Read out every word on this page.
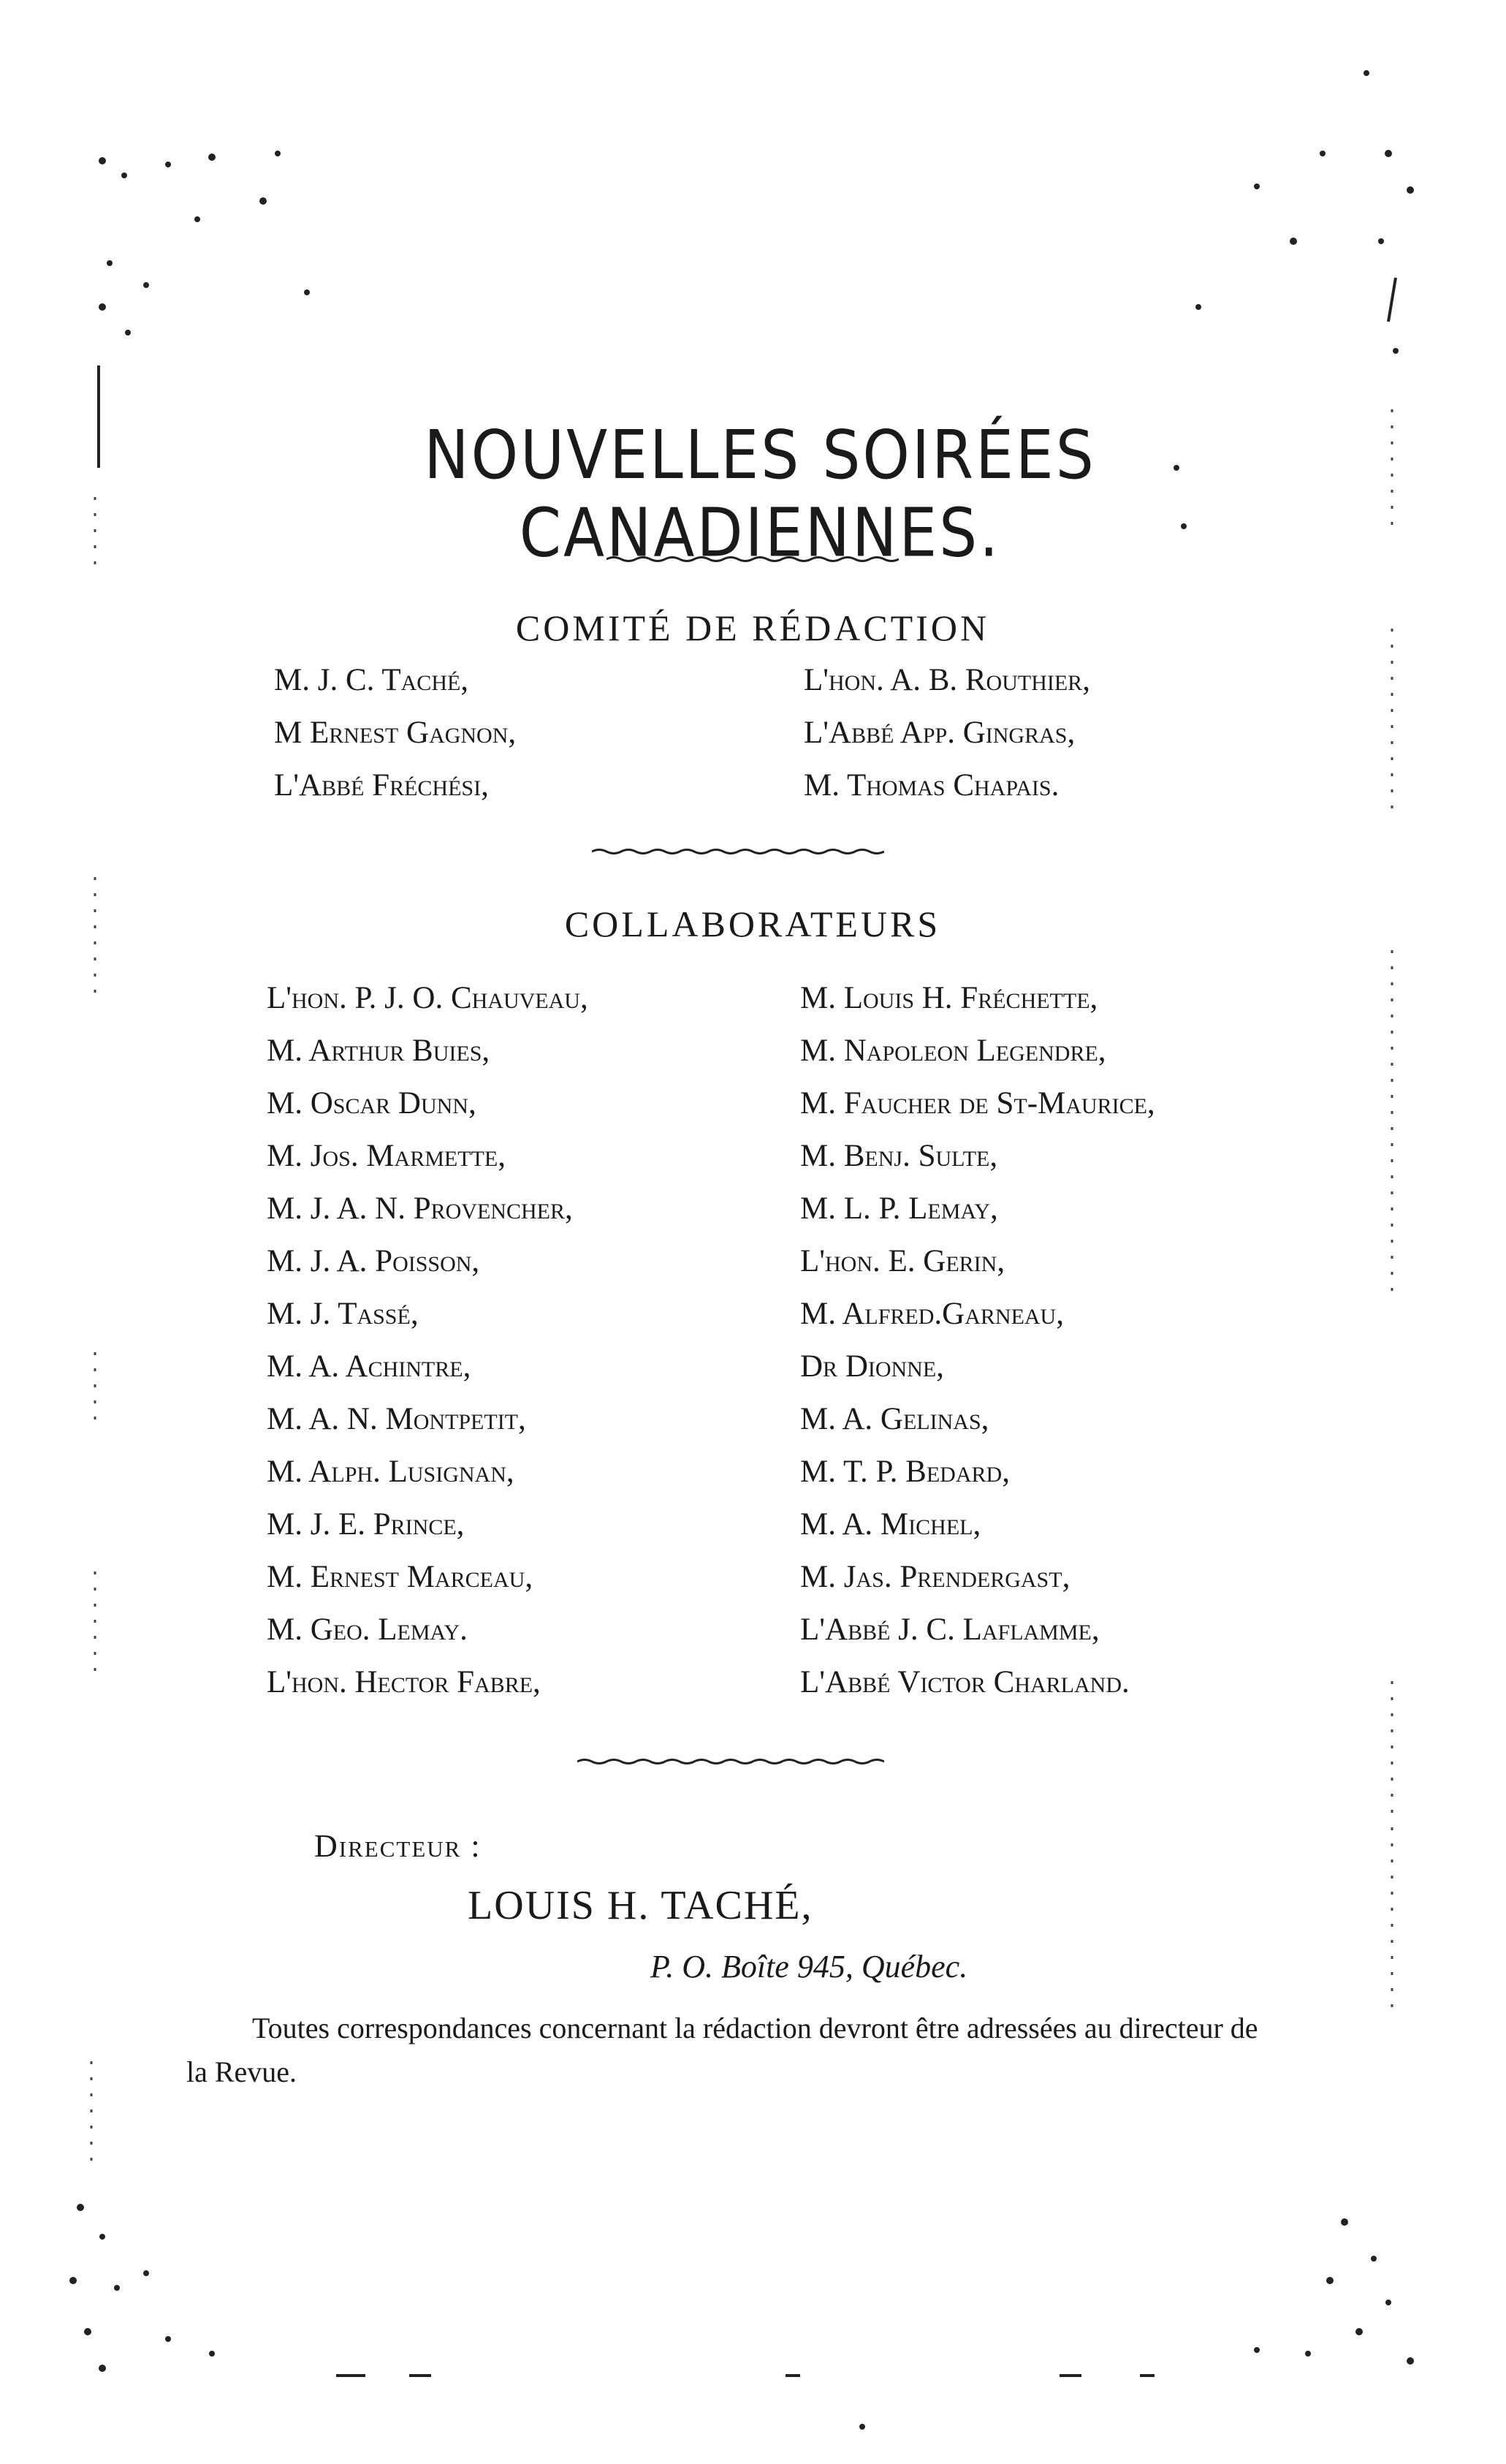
NOUVELLES SOIRÉES CANADIENNES.
COMITÉ DE RÉDACTION
M. J. C. Taché,
M Ernest Gagnon,
L'Abbé Fréchési,
L'hon. A. B. Routhier,
L'Abbé App. Gingras,
M. Thomas Chapais.
COLLABORATEURS
L'hon. P. J. O. Chauveau,
M. Arthur Buies,
M. Oscar Dunn,
M. Jos. Marmette,
M. J. A. N. Provencher,
M. J. A. Poisson,
M. J. Tassé,
M. A. Achintre,
M. A. N. Montpetit,
M. Alph. Lusignan,
M. J. E. Prince,
M. Ernest Marceau,
M. Geo. Lemay.
L'hon. Hector Fabre,
M. Louis H. Fréchette,
M. Napoleon Legendre,
M. Faucher de St-Maurice,
M. Benj. Sulte,
M. L. P. Lemay,
L'hon. E. Gerin,
M. Alfred.Garneau,
Dr Dionne,
M. A. Gelinas,
M. T. P. Bedard,
M. A. Michel,
M. Jas. Prendergast,
L'Abbé J. C. Laflamme,
L'Abbé Victor Charland.
Directeur :
LOUIS H. TACHÉ,
P. O. Boîte 945, Québec.
Toutes correspondances concernant la rédaction devront être adressées au directeur de la Revue.
